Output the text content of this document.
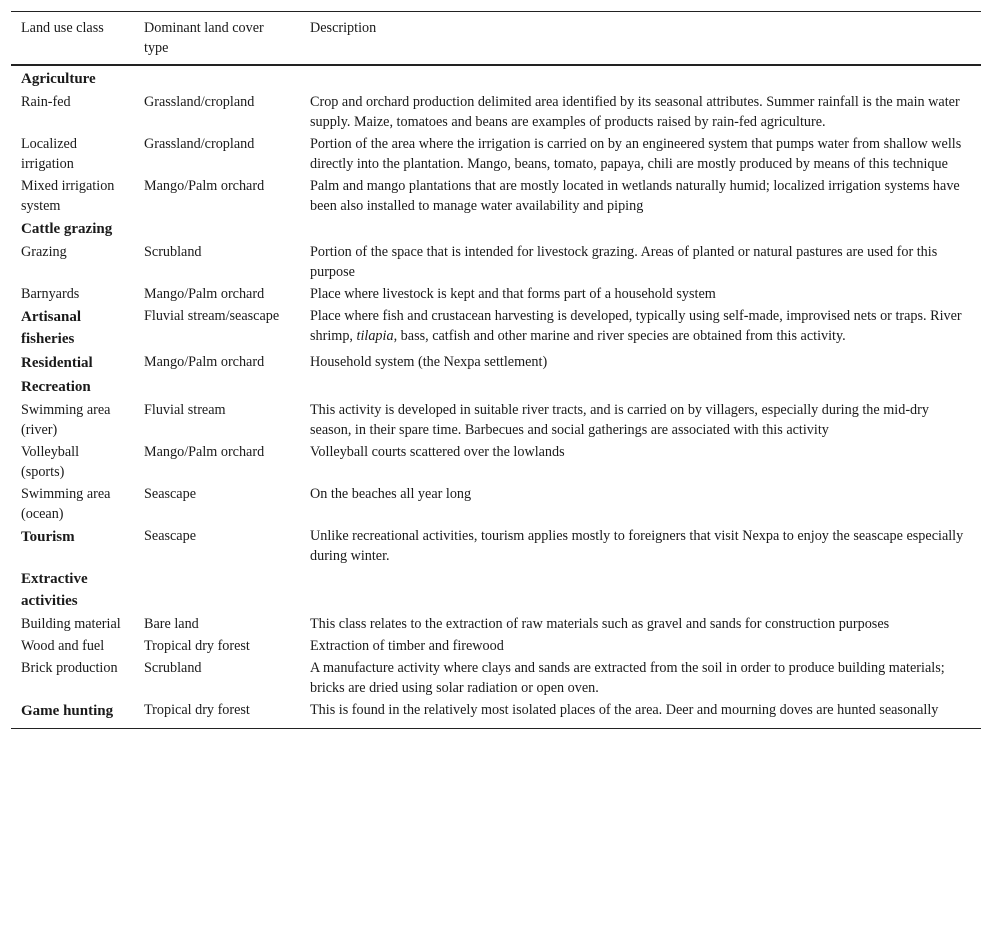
Land use class	Dominant land cover type	Description
Agriculture		
Rain-fed	Grassland/cropland	Crop and orchard production delimited area identified by its seasonal attributes. Summer rainfall is the main water supply. Maize, tomatoes and beans are examples of products raised by rain-fed agriculture.
Localized irrigation	Grassland/cropland	Portion of the area where the irrigation is carried on by an engineered system that pumps water from shallow wells directly into the plantation. Mango, beans, tomato, papaya, chili are mostly produced by means of this technique
Mixed irrigation system	Mango/Palm orchard	Palm and mango plantations that are mostly located in wetlands naturally humid; localized irrigation systems have been also installed to manage water availability and piping
Cattle grazing		
Grazing	Scrubland	Portion of the space that is intended for livestock grazing. Areas of planted or natural pastures are used for this purpose
Barnyards	Mango/Palm orchard	Place where livestock is kept and that forms part of a household system
Artisanal fisheries	Fluvial stream/seascape	Place where fish and crustacean harvesting is developed, typically using self-made, improvised nets or traps. River shrimp, tilapia, bass, catfish and other marine and river species are obtained from this activity.
Residential	Mango/Palm orchard	Household system (the Nexpa settlement)
Recreation		
Swimming area (river)	Fluvial stream	This activity is developed in suitable river tracts, and is carried on by villagers, especially during the mid-dry season, in their spare time. Barbecues and social gatherings are associated with this activity
Volleyball (sports)	Mango/Palm orchard	Volleyball courts scattered over the lowlands
Swimming area (ocean)	Seascape	On the beaches all year long
Tourism	Seascape	Unlike recreational activities, tourism applies mostly to foreigners that visit Nexpa to enjoy the seascape especially during winter.
Extractive activities		
Building material	Bare land	This class relates to the extraction of raw materials such as gravel and sands for construction purposes
Wood and fuel	Tropical dry forest	Extraction of timber and firewood
Brick production	Scrubland	A manufacture activity where clays and sands are extracted from the soil in order to produce building materials; bricks are dried using solar radiation or open oven.
Game hunting	Tropical dry forest	This is found in the relatively most isolated places of the area. Deer and mourning doves are hunted seasonally
